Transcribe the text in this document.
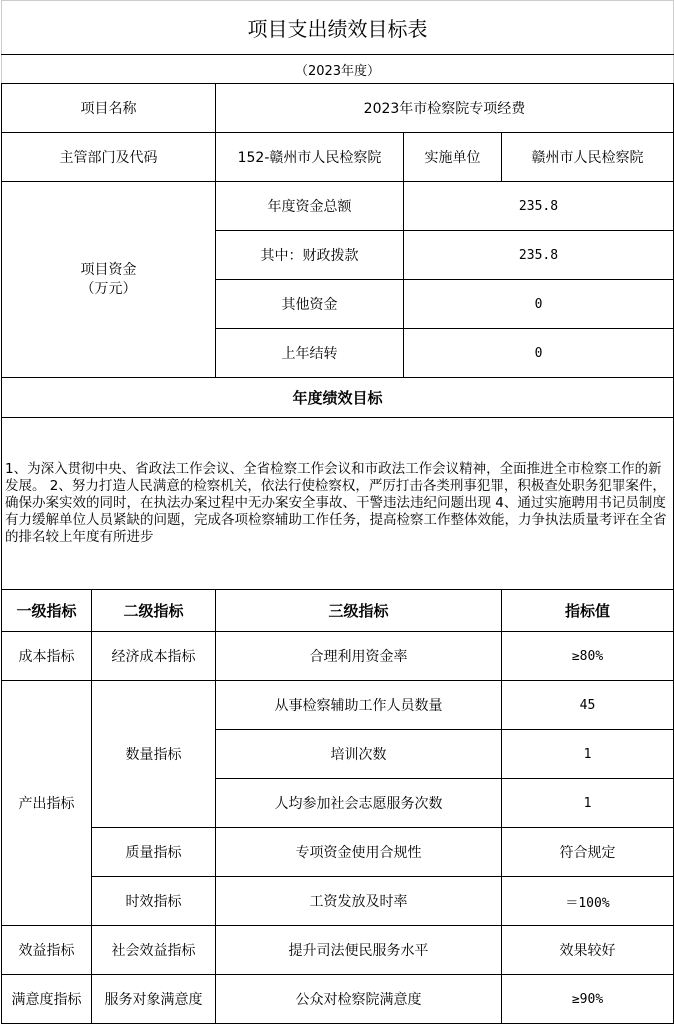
项目支出绩效目标表				
（2023年度）				
项目名称		2023年市检察院专项经费		
主管部门及代码		152-赣州市人民检察院	实施单位	赣州市人民检察院

项目资金
（万元）		年度资金总额	235.8	
		其中：财政拨款	235.8	
		其他资金	0	
		上年结转	0	
年度绩效目标				
1、为深入贯彻中央、省政法工作会议、全省检察工作会议和市政法工作会议精神，全面推进全市检察工作的新发展。 2、努力打造人民满意的检察机关，依法行使检察权，严厉打击各类刑事犯罪，积极查处职务犯罪案件，确保办案实效的同时，在执法办案过程中无办案安全事故、干警违法违纪问题出现 4、通过实施聘用书记员制度有力缓解单位人员紧缺的问题，完成各项检察辅助工作任务，提高检察工作整体效能，力争执法质量考评在全省的排名较上年度有所进步				
一级指标	二级指标	三级指标		指标值
成本指标	经济成本指标	合理利用资金率		≥80%
产出指标	数量指标	从事检察辅助工作人员数量		45
		培训次数		1
		人均参加社会志愿服务次数		1
	质量指标	专项资金使用合规性		符合规定
	时效指标	工资发放及时率		＝100%
效益指标	社会效益指标	提升司法便民服务水平		效果较好
满意度指标	服务对象满意度	公众对检察院满意度		≥90%
